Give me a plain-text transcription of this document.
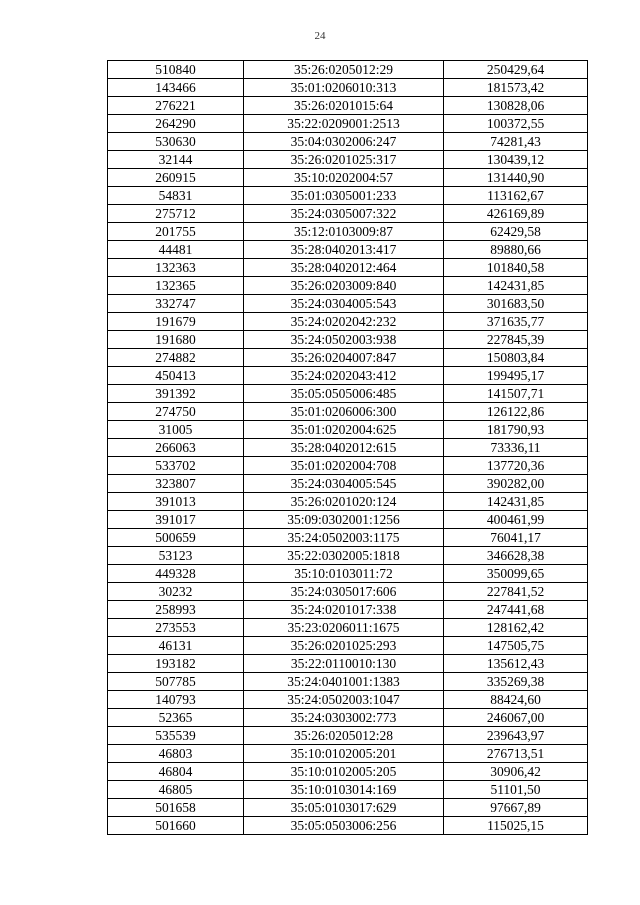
24
510840	35:26:0205012:29	250429,64
143466	35:01:0206010:313	181573,42
276221	35:26:0201015:64	130828,06
264290	35:22:0209001:2513	100372,55
530630	35:04:0302006:247	74281,43
32144	35:26:0201025:317	130439,12
260915	35:10:0202004:57	131440,90
54831	35:01:0305001:233	113162,67
275712	35:24:0305007:322	426169,89
201755	35:12:0103009:87	62429,58
44481	35:28:0402013:417	89880,66
132363	35:28:0402012:464	101840,58
132365	35:26:0203009:840	142431,85
332747	35:24:0304005:543	301683,50
191679	35:24:0202042:232	371635,77
191680	35:24:0502003:938	227845,39
274882	35:26:0204007:847	150803,84
450413	35:24:0202043:412	199495,17
391392	35:05:0505006:485	141507,71
274750	35:01:0206006:300	126122,86
31005	35:01:0202004:625	181790,93
266063	35:28:0402012:615	73336,11
533702	35:01:0202004:708	137720,36
323807	35:24:0304005:545	390282,00
391013	35:26:0201020:124	142431,85
391017	35:09:0302001:1256	400461,99
500659	35:24:0502003:1175	76041,17
53123	35:22:0302005:1818	346628,38
449328	35:10:0103011:72	350099,65
30232	35:24:0305017:606	227841,52
258993	35:24:0201017:338	247441,68
273553	35:23:0206011:1675	128162,42
46131	35:26:0201025:293	147505,75
193182	35:22:0110010:130	135612,43
507785	35:24:0401001:1383	335269,38
140793	35:24:0502003:1047	88424,60
52365	35:24:0303002:773	246067,00
535539	35:26:0205012:28	239643,97
46803	35:10:0102005:201	276713,51
46804	35:10:0102005:205	30906,42
46805	35:10:0103014:169	51101,50
501658	35:05:0103017:629	97667,89
501660	35:05:0503006:256	115025,15
